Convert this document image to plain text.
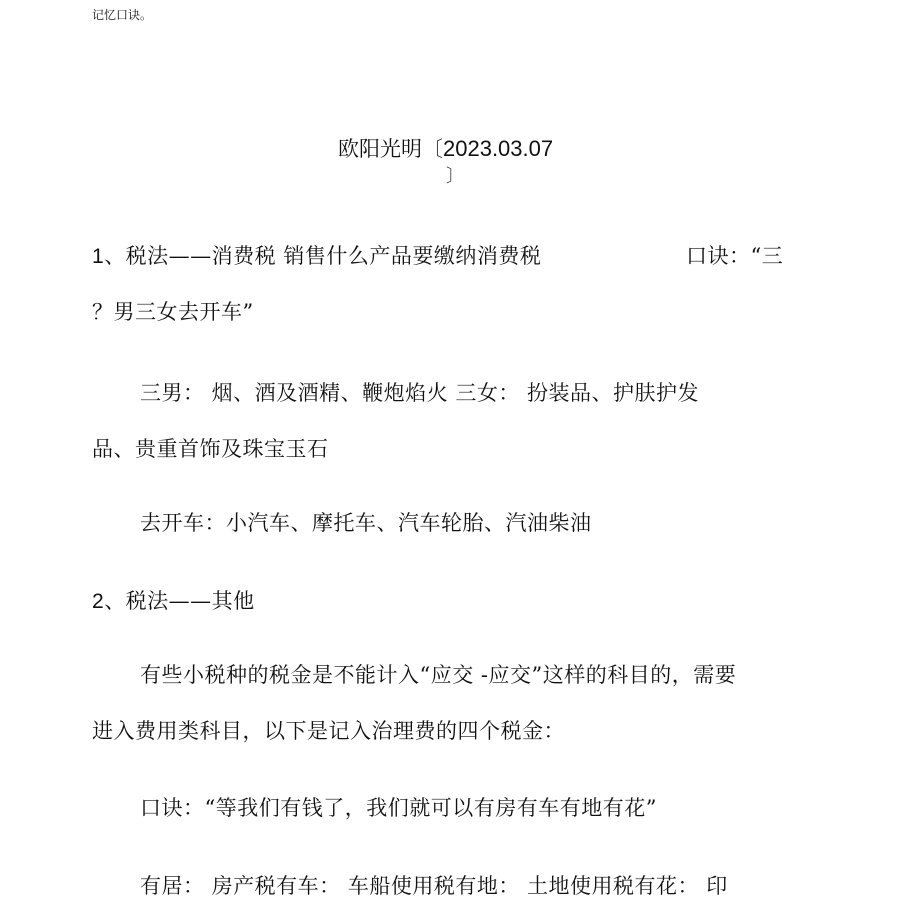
记忆口诀。
欧阳光明〔2023.03.07
〕
1、税法——消费税 销售什么产品要缴纳消费税	口诀：“三
？男三女去开车”
三男： 烟、酒及酒精、鞭炮焰火 三女： 扮装品、护肤护发
品、贵重首饰及珠宝玉石
去开车：小汽车、摩托车、汽车轮胎、汽油柴油
2、税法——其他
有些小税种的税金是不能计入“应交 -应交”这样的科目的，需要
进入费用类科目，以下是记入治理费的四个税金：
口诀：“等我们有钱了，我们就可以有房有车有地有花”
有居： 房产税有车： 车船使用税有地： 土地使用税有花： 印
